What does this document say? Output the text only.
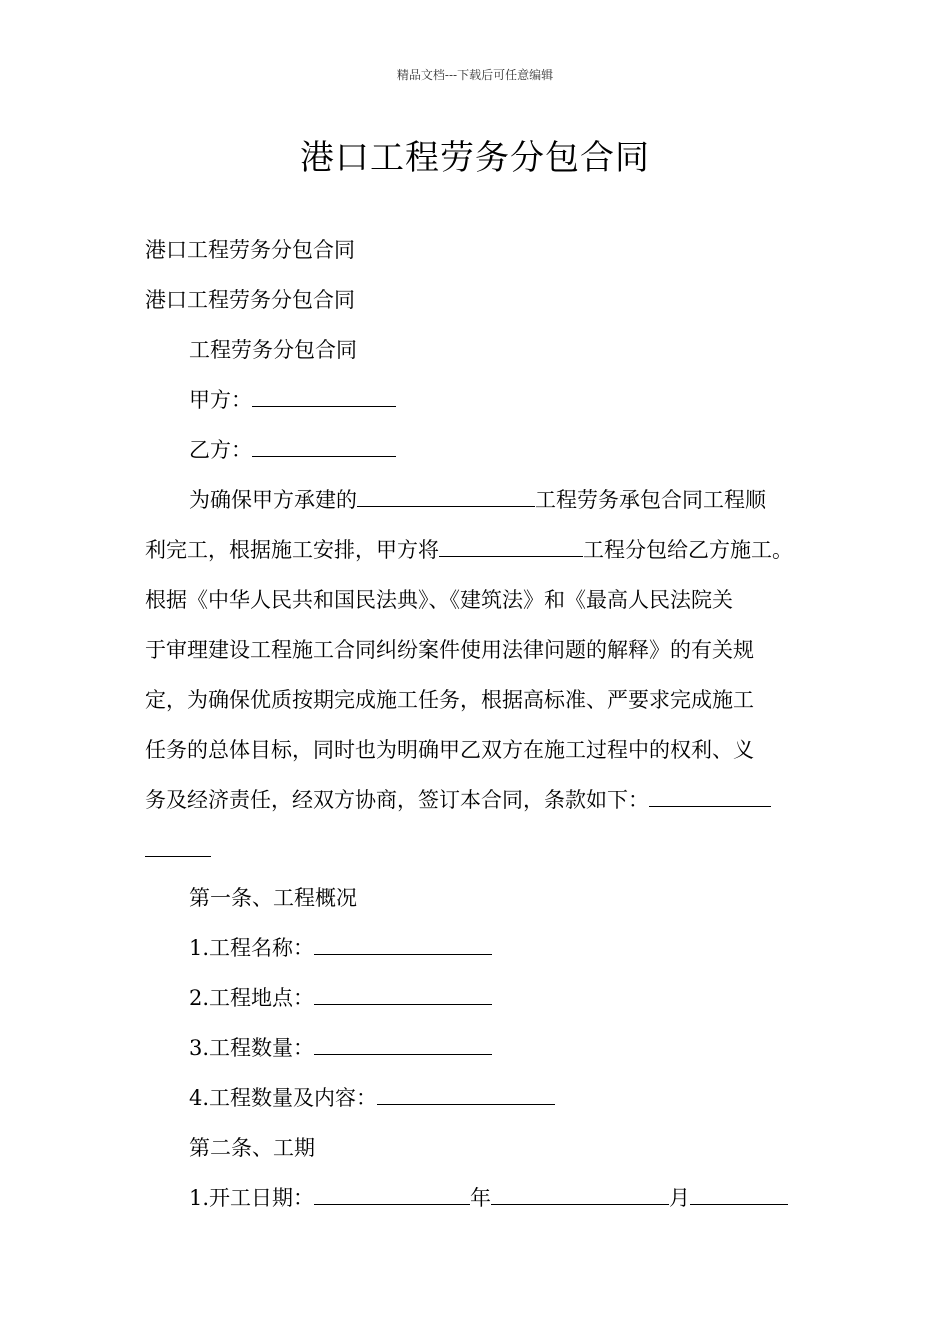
精品文档---下载后可任意编辑
港口工程劳务分包合同
港口工程劳务分包合同
港口工程劳务分包合同
工程劳务分包合同
甲方：
乙方：
为确保甲方承建的	工程劳务承包合同工程顺
利完工，根据施工安排，甲方将	工程分包给乙方施工。
根据《中华人民共和国民法典》、《建筑法》和《最高人民法院关
于审理建设工程施工合同纠纷案件使用法律问题的解释》的有关规
定，为确保优质按期完成施工任务，根据高标准、严要求完成施工
任务的总体目标，同时也为明确甲乙双方在施工过程中的权利、义
务及经济责任，经双方协商，签订本合同，条款如下：
第一条、工程概况
1.工程名称：
2.工程地点：
3.工程数量：
4.工程数量及内容：
第二条、工期
1.开工日期：	年	月
